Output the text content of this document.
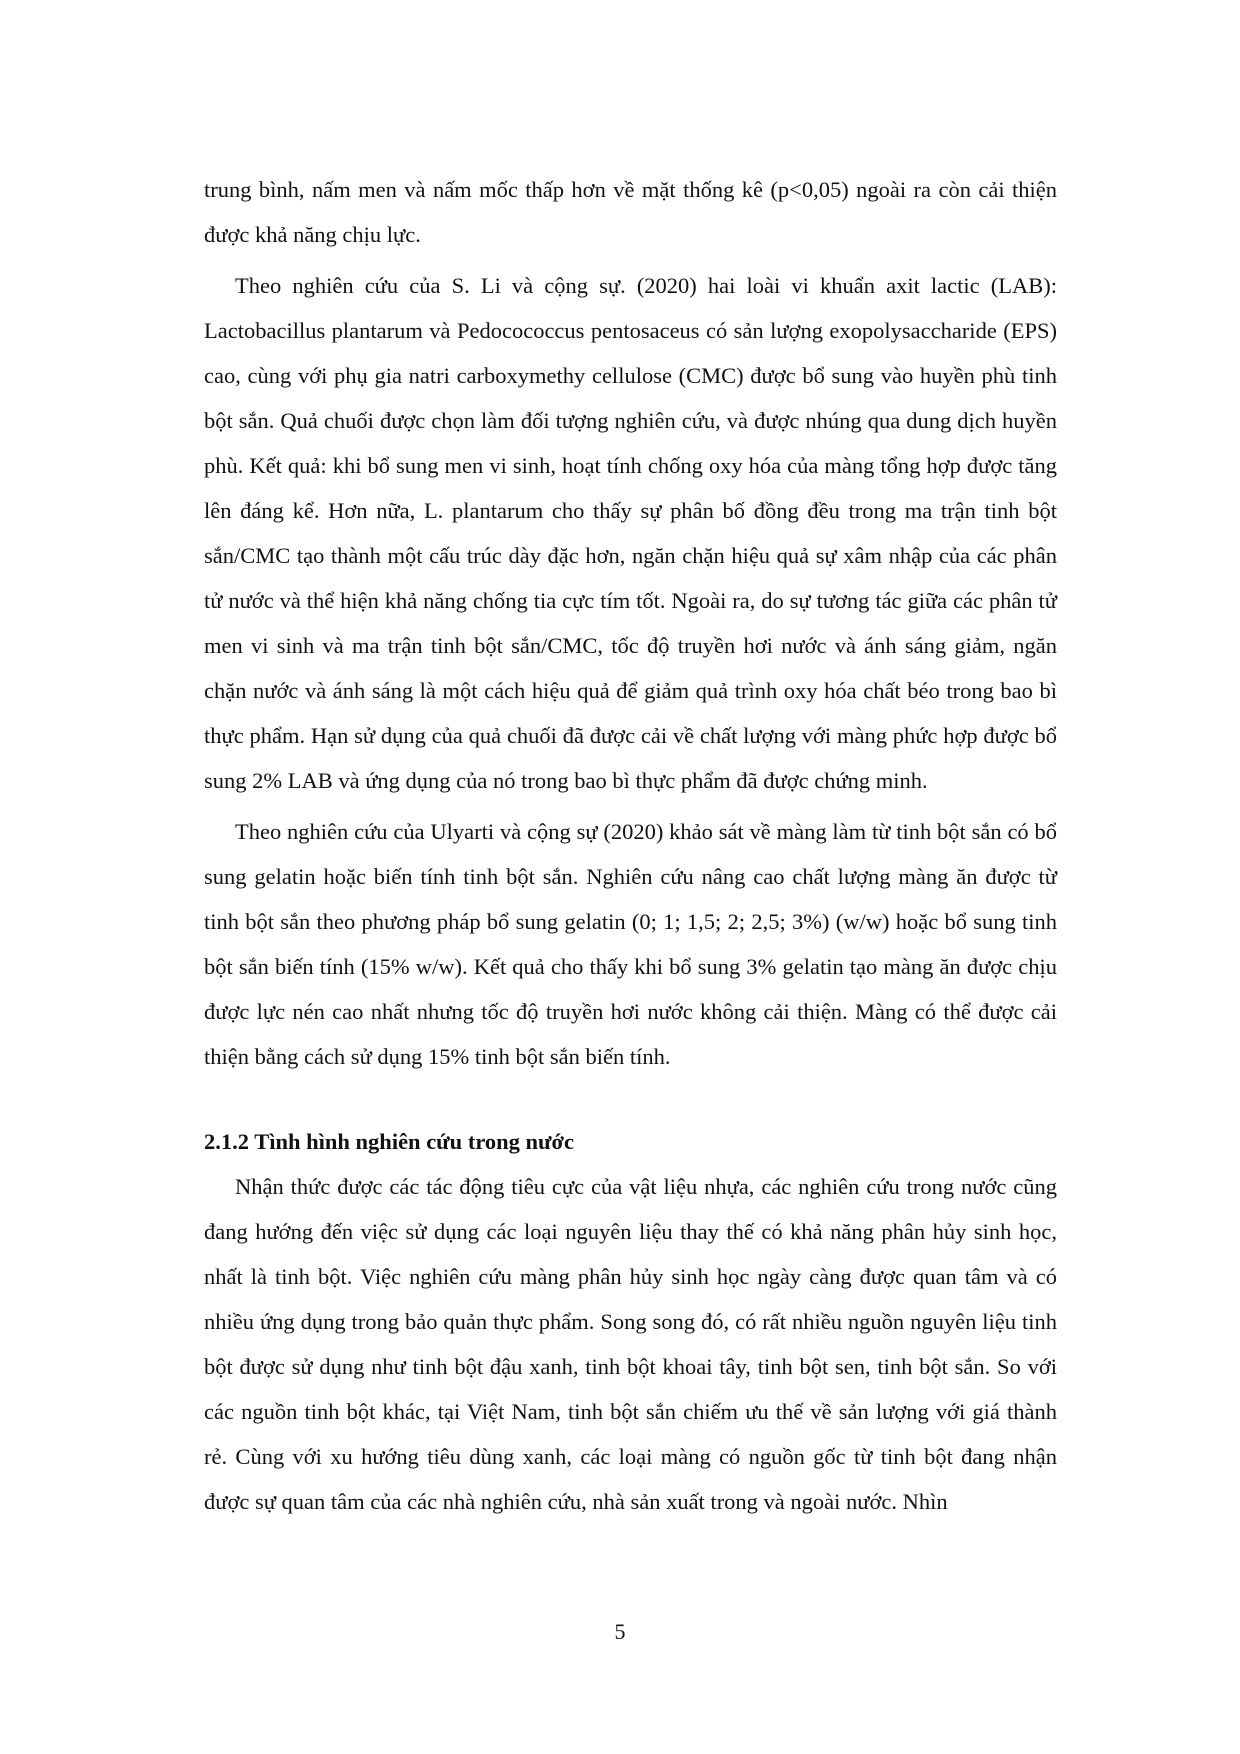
trung bình, nấm men và nấm mốc thấp hơn về mặt thống kê (p<0,05) ngoài ra còn cải thiện được khả năng chịu lực.

Theo nghiên cứu của S. Li và cộng sự. (2020) hai loài vi khuẩn axit lactic (LAB): Lactobacillus plantarum và Pedocococcus pentosaceus có sản lượng exopolysaccharide (EPS) cao, cùng với phụ gia natri carboxymethy cellulose (CMC) được bổ sung vào huyền phù tinh bột sắn. Quả chuối được chọn làm đối tượng nghiên cứu, và được nhúng qua dung dịch huyền phù. Kết quả: khi bổ sung men vi sinh, hoạt tính chống oxy hóa của màng tổng hợp được tăng lên đáng kể. Hơn nữa, L. plantarum cho thấy sự phân bố đồng đều trong ma trận tinh bột sắn/CMC tạo thành một cấu trúc dày đặc hơn, ngăn chặn hiệu quả sự xâm nhập của các phân tử nước và thể hiện khả năng chống tia cực tím tốt. Ngoài ra, do sự tương tác giữa các phân tử men vi sinh và ma trận tinh bột sắn/CMC, tốc độ truyền hơi nước và ánh sáng giảm, ngăn chặn nước và ánh sáng là một cách hiệu quả để giảm quả trình oxy hóa chất béo trong bao bì thực phẩm. Hạn sử dụng của quả chuối đã được cải về chất lượng với màng phức hợp được bổ sung 2% LAB và ứng dụng của nó trong bao bì thực phẩm đã được chứng minh.

Theo nghiên cứu của Ulyarti và cộng sự (2020) khảo sát về màng làm từ tinh bột sắn có bổ sung gelatin hoặc biến tính tinh bột sắn. Nghiên cứu nâng cao chất lượng màng ăn được từ tinh bột sắn theo phương pháp bổ sung gelatin (0; 1; 1,5; 2; 2,5; 3%) (w/w) hoặc bổ sung tinh bột sắn biến tính (15% w/w). Kết quả cho thấy khi bổ sung 3% gelatin tạo màng ăn được chịu được lực nén cao nhất nhưng tốc độ truyền hơi nước không cải thiện. Màng có thể được cải thiện bằng cách sử dụng 15% tinh bột sắn biến tính.

2.1.2 Tình hình nghiên cứu trong nước

Nhận thức được các tác động tiêu cực của vật liệu nhựa, các nghiên cứu trong nước cũng đang hướng đến việc sử dụng các loại nguyên liệu thay thế có khả năng phân hủy sinh học, nhất là tinh bột. Việc nghiên cứu màng phân hủy sinh học ngày càng được quan tâm và có nhiều ứng dụng trong bảo quản thực phẩm. Song song đó, có rất nhiều nguồn nguyên liệu tinh bột được sử dụng như tinh bột đậu xanh, tinh bột khoai tây, tinh bột sen, tinh bột sắn. So với các nguồn tinh bột khác, tại Việt Nam, tinh bột sắn chiếm ưu thế về sản lượng với giá thành rẻ. Cùng với xu hướng tiêu dùng xanh, các loại màng có nguồn gốc từ tinh bột đang nhận được sự quan tâm của các nhà nghiên cứu, nhà sản xuất trong và ngoài nước. Nhìn

5
